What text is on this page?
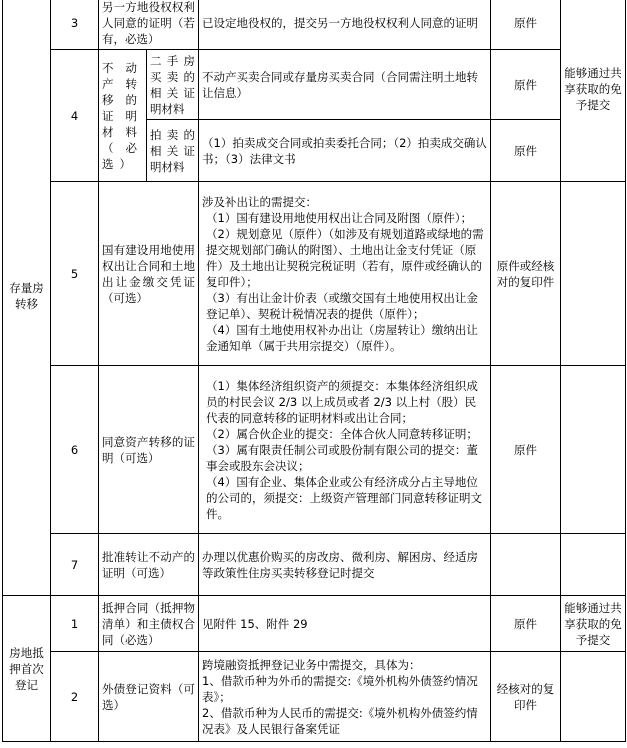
存量房转移	3	另一方地役权权利人同意的证明（若有，必选）		已设定地役权的，提交另一方地役权权利人同意的证明	原件	能够通过共享获取的免予提交
	4	不动产转移的证明材料（必选）	二手房买卖的相关证明材料	不动产买卖合同或存量房买卖合同（合同需注明土地转让信息）	原件	
			拍卖的相关证明材料	（1）拍卖成交合同或拍卖委托合同；（2）拍卖成交确认书；（3）法律文书	原件	
	5	国有建设用地使用权出让合同和土地出让金缴交凭证（可选）		涉及补出让的需提交：
（1）国有建设用地使用权出让合同及附图（原件）；
（2）规划意见（原件）（如涉及有规划道路或绿地的需提交规划部门确认的附图）、土地出让金支付凭证（原件）及土地出让契税完税证明（若有，原件或经确认的复印件）；
（3）有出让金计价表（或缴交国有土地使用权出让金登记单）、契税计税情况表的提供（原件）；
（4）国有土地使用权补办出让（房屋转让）缴纳出让金通知单（属于共用宗提交）（原件）。	原件或经核对的复印件	
	6	同意资产转移的证明（可选）		（1）集体经济组织资产的须提交：本集体经济组织成员的村民会议 2/3 以上成员或者 2/3 以上村（股）民代表的同意转移的证明材料或出让合同；
（2）属合伙企业的提交：全体合伙人同意转移证明；
（3）属有限责任制公司或股份制有限公司的提交：董事会或股东会决议；
（4）国有企业、集体企业或公有经济成分占主导地位的公司的，须提交：上级资产管理部门同意转移证明文件。	原件	
	7	批准转让不动产的证明（可选）		办理以优惠价购买的房改房、微利房、解困房、经适房等政策性住房买卖转移登记时提交		
房地抵押首次登记	1	抵押合同（抵押物清单）和主债权合同（必选）		见附件 15、附件 29	原件	能够通过共享获取的免予提交
	2	外债登记资料（可选）		跨境融资抵押登记业务中需提交，具体为：
1、借款币种为外币的需提交:《境外机构外债签约情况表》；
2、借款币种为人民币的需提交:《境外机构外债签约情况表》及人民银行备案凭证	经核对的复印件	
